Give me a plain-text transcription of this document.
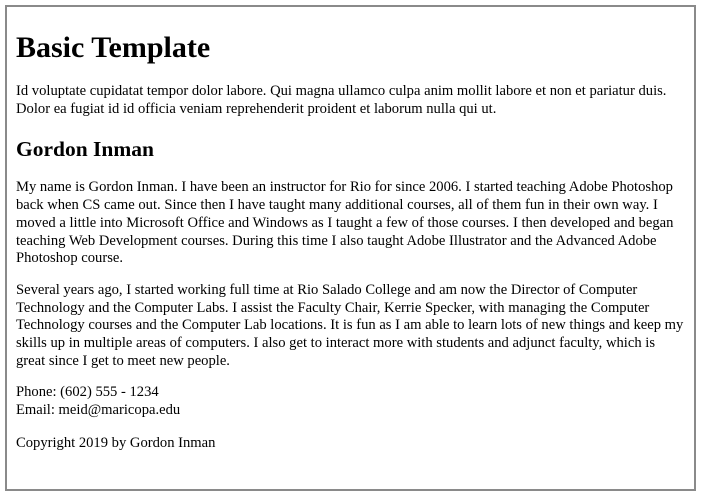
Basic Template

Id voluptate cupidatat tempor dolor labore. Qui magna ullamco culpa anim mollit labore et non et pariatur duis. Dolor ea fugiat id id officia veniam reprehenderit proident et laborum nulla qui ut.

Gordon Inman

My name is Gordon Inman. I have been an instructor for Rio for since 2006. I started teaching Adobe Photoshop back when CS came out. Since then I have taught many additional courses, all of them fun in their own way. I moved a little into Microsoft Office and Windows as I taught a few of those courses. I then developed and began teaching Web Development courses. During this time I also taught Adobe Illustrator and the Advanced Adobe Photoshop course.

Several years ago, I started working full time at Rio Salado College and am now the Director of Computer Technology and the Computer Labs. I assist the Faculty Chair, Kerrie Specker, with managing the Computer Technology courses and the Computer Lab locations. It is fun as I am able to learn lots of new things and keep my skills up in multiple areas of computers. I also get to interact more with students and adjunct faculty, which is great since I get to meet new people.

Phone: (602) 555 - 1234
Email: meid@maricopa.edu

Copyright 2019 by Gordon Inman
